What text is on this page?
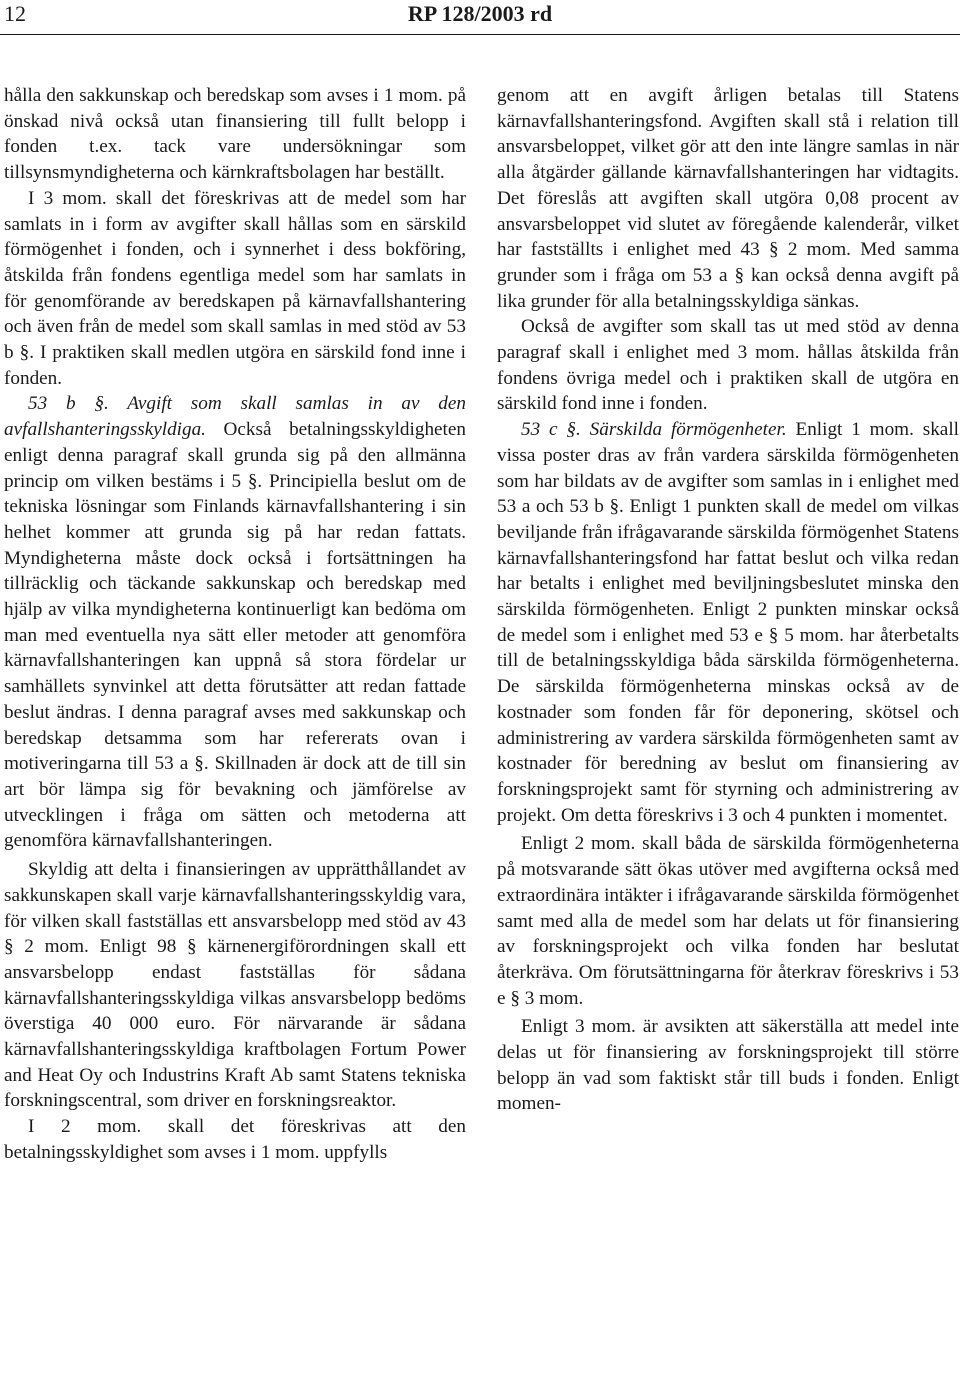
12	RP 128/2003 rd

hålla den sakkunskap och beredskap som avses i 1 mom. på önskad nivå också utan finansiering till fullt belopp i fonden t.ex. tack vare undersökningar som tillsynsmyndigheterna och kärnkraftsbolagen har beställt.

I 3 mom. skall det föreskrivas att de medel som har samlats in i form av avgifter skall hållas som en särskild förmögenhet i fonden, och i synnerhet i dess bokföring, åtskilda från fondens egentliga medel som har samlats in för genomförande av beredskapen på kärnavfallshantering och även från de medel som skall samlas in med stöd av 53 b §. I praktiken skall medlen utgöra en särskild fond inne i fonden.

53 b §. Avgift som skall samlas in av den avfallshanteringsskyldiga. Också betalningsskyldigheten enligt denna paragraf skall grunda sig på den allmänna princip om vilken bestäms i 5 §. Principiella beslut om de tekniska lösningar som Finlands kärnavfallshantering i sin helhet kommer att grunda sig på har redan fattats. Myndigheterna måste dock också i fortsättningen ha tillräcklig och täckande sakkunskap och beredskap med hjälp av vilka myndigheterna kontinuerligt kan bedöma om man med eventuella nya sätt eller metoder att genomföra kärnavfallshanteringen kan uppnå så stora fördelar ur samhällets synvinkel att detta förutsätter att redan fattade beslut ändras. I denna paragraf avses med sakkunskap och beredskap detsamma som har refererats ovan i motiveringarna till 53 a §. Skillnaden är dock att de till sin art bör lämpa sig för bevakning och jämförelse av utvecklingen i fråga om sätten och metoderna att genomföra kärnavfallshanteringen.

Skyldig att delta i finansieringen av upprätthållandet av sakkunskapen skall varje kärnavfallshanteringsskyldig vara, för vilken skall fastställas ett ansvarsbelopp med stöd av 43 § 2 mom. Enligt 98 § kärnenergiförordningen skall ett ansvarsbelopp endast fastställas för sådana kärnavfallshanteringsskyldiga vilkas ansvarsbelopp bedöms överstiga 40 000 euro. För närvarande är sådana kärnavfallshanteringsskyldiga kraftbolagen Fortum Power and Heat Oy och Industrins Kraft Ab samt Statens tekniska forskningscentral, som driver en forskningsreaktor.

I 2 mom. skall det föreskrivas att den betalningsskyldighet som avses i 1 mom. uppfylls

genom att en avgift årligen betalas till Statens kärnavfallshanteringsfond. Avgiften skall stå i relation till ansvarsbeloppet, vilket gör att den inte längre samlas in när alla åtgärder gällande kärnavfallshanteringen har vidtagits. Det föreslås att avgiften skall utgöra 0,08 procent av ansvarsbeloppet vid slutet av föregående kalenderår, vilket har fastställts i enlighet med 43 § 2 mom. Med samma grunder som i fråga om 53 a § kan också denna avgift på lika grunder för alla betalningsskyldiga sänkas.

Också de avgifter som skall tas ut med stöd av denna paragraf skall i enlighet med 3 mom. hållas åtskilda från fondens övriga medel och i praktiken skall de utgöra en särskild fond inne i fonden.

53 c §. Särskilda förmögenheter. Enligt 1 mom. skall vissa poster dras av från vardera särskilda förmögenheten som har bildats av de avgifter som samlas in i enlighet med 53 a och 53 b §. Enligt 1 punkten skall de medel om vilkas beviljande från ifrågavarande särskilda förmögenhet Statens kärnavfallshanteringsfond har fattat beslut och vilka redan har betalts i enlighet med beviljningsbeslutet minska den särskilda förmögenheten. Enligt 2 punkten minskar också de medel som i enlighet med 53 e § 5 mom. har återbetalts till de betalningsskyldiga båda särskilda förmögenheterna. De särskilda förmögenheterna minskas också av de kostnader som fonden får för deponering, skötsel och administrering av vardera särskilda förmögenheten samt av kostnader för beredning av beslut om finansiering av forskningsprojekt samt för styrning och administrering av projekt. Om detta föreskrivs i 3 och 4 punkten i momentet.

Enligt 2 mom. skall båda de särskilda förmögenheterna på motsvarande sätt ökas utöver med avgifterna också med extraordinära intäkter i ifrågavarande särskilda förmögenhet samt med alla de medel som har delats ut för finansiering av forskningsprojekt och vilka fonden har beslutat återkräva. Om förutsättningarna för återkrav föreskrivs i 53 e § 3 mom.

Enligt 3 mom. är avsikten att säkerställa att medel inte delas ut för finansiering av forskningsprojekt till större belopp än vad som faktiskt står till buds i fonden. Enligt momen-
